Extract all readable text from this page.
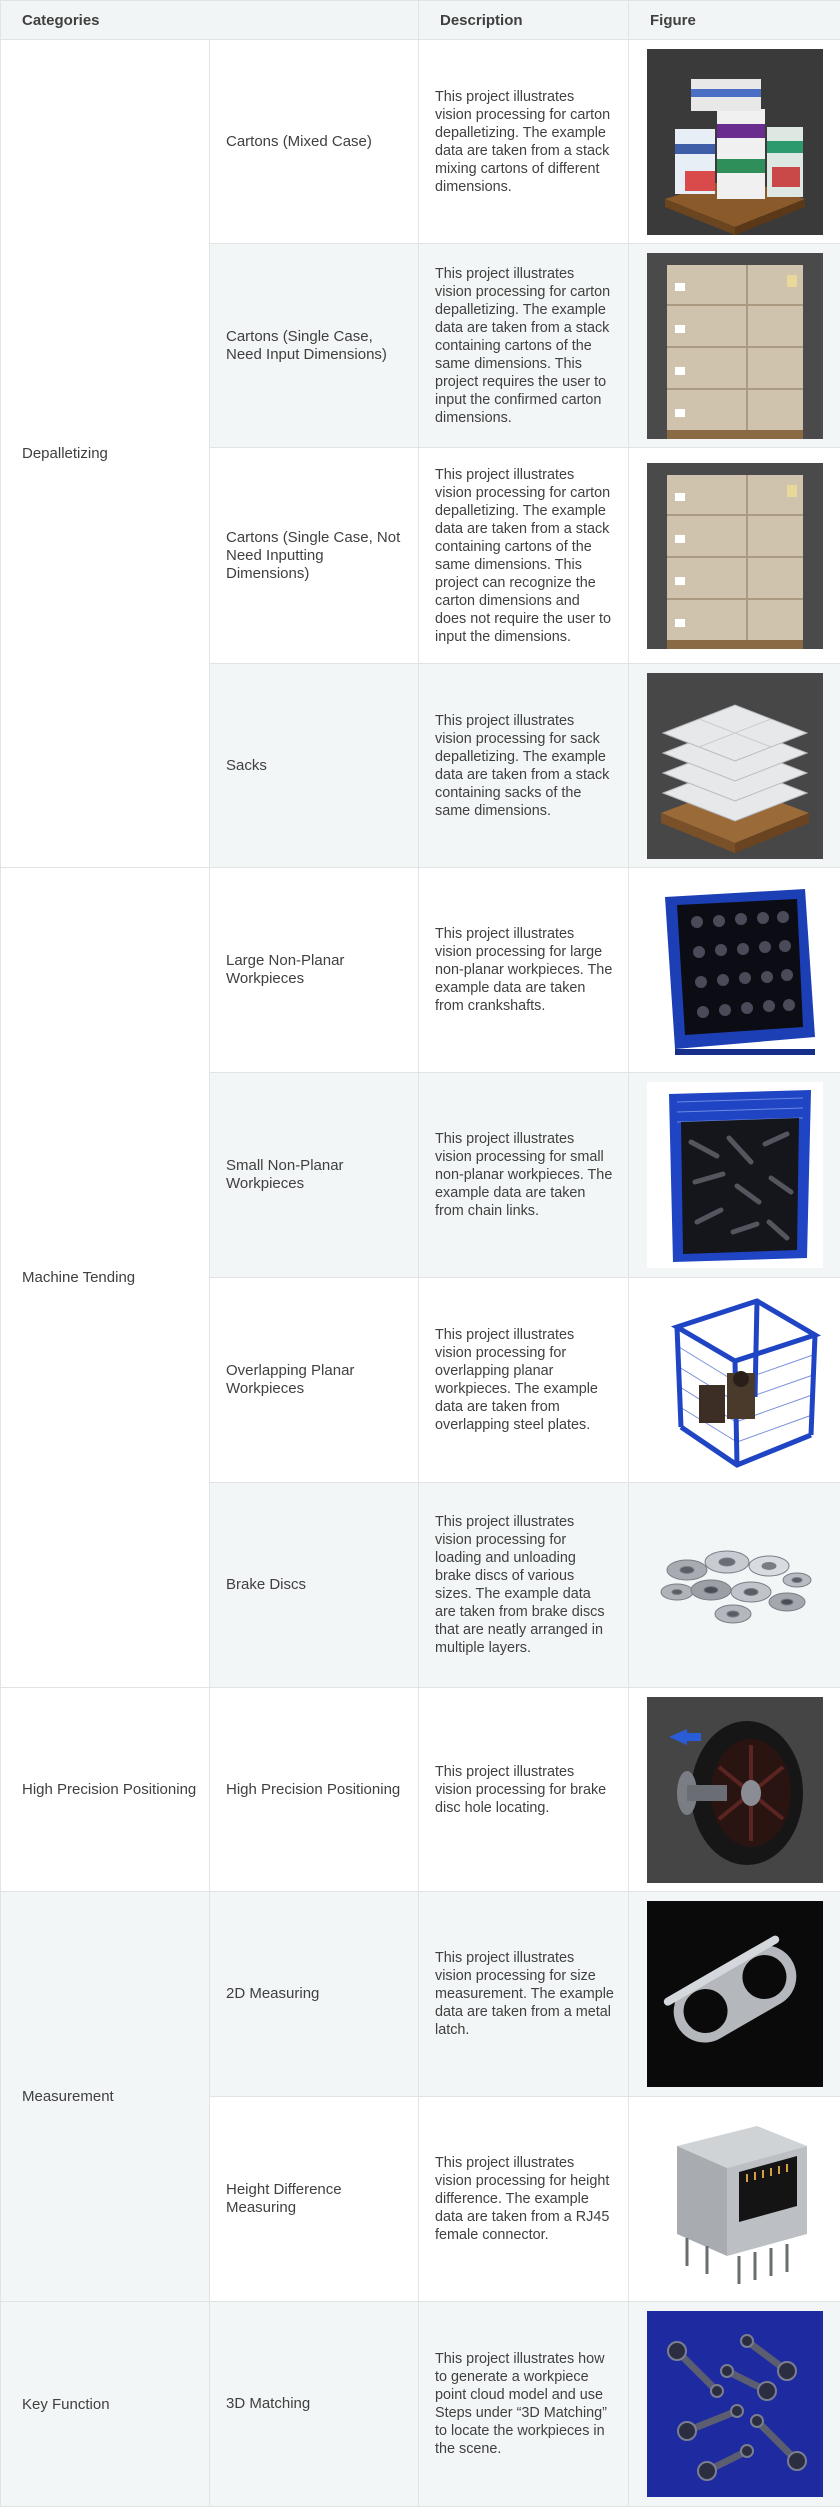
Categories		Description	Figure
Depalletizing	Cartons (Mixed Case)	This project illustrates vision processing for carton depalletizing. The example data are taken from a stack mixing cartons of different dimensions.	

	Cartons (Single Case, Need Input Dimensions)	This project illustrates vision processing for carton depalletizing. The example data are taken from a stack containing cartons of the same dimensions. This project requires the user to input the confirmed carton dimensions.	

	Cartons (Single Case, Not Need Inputting Dimensions)	This project illustrates vision processing for carton depalletizing. The example data are taken from a stack containing cartons of the same dimensions. This project can recognize the carton dimensions and does not require the user to input the dimensions.	

	Sacks	This project illustrates vision processing for sack depalletizing. The example data are taken from a stack containing sacks of the same dimensions.	

Machine Tending	Large Non-Planar Workpieces	This project illustrates vision processing for large non-planar workpieces. The example data are taken from crankshafts.	

	Small Non-Planar Workpieces	This project illustrates vision processing for small non-planar workpieces. The example data are taken from chain links.	

	Overlapping Planar Workpieces	This project illustrates vision processing for overlapping planar workpieces. The example data are taken from overlapping steel plates.	

	Brake Discs	This project illustrates vision processing for loading and unloading brake discs of various sizes. The example data are taken from brake discs that are neatly arranged in multiple layers.	

High Precision Positioning	High Precision Positioning	This project illustrates vision processing for brake disc hole locating.	

Measurement	2D Measuring	This project illustrates vision processing for size measurement. The example data are taken from a metal latch.	

	Height Difference Measuring	This project illustrates vision processing for height difference. The example data are taken from a RJ45 female connector.	

Key Function	3D Matching	This project illustrates how to generate a workpiece point cloud model and use Steps under “3D Matching” to locate the workpieces in the scene.	
